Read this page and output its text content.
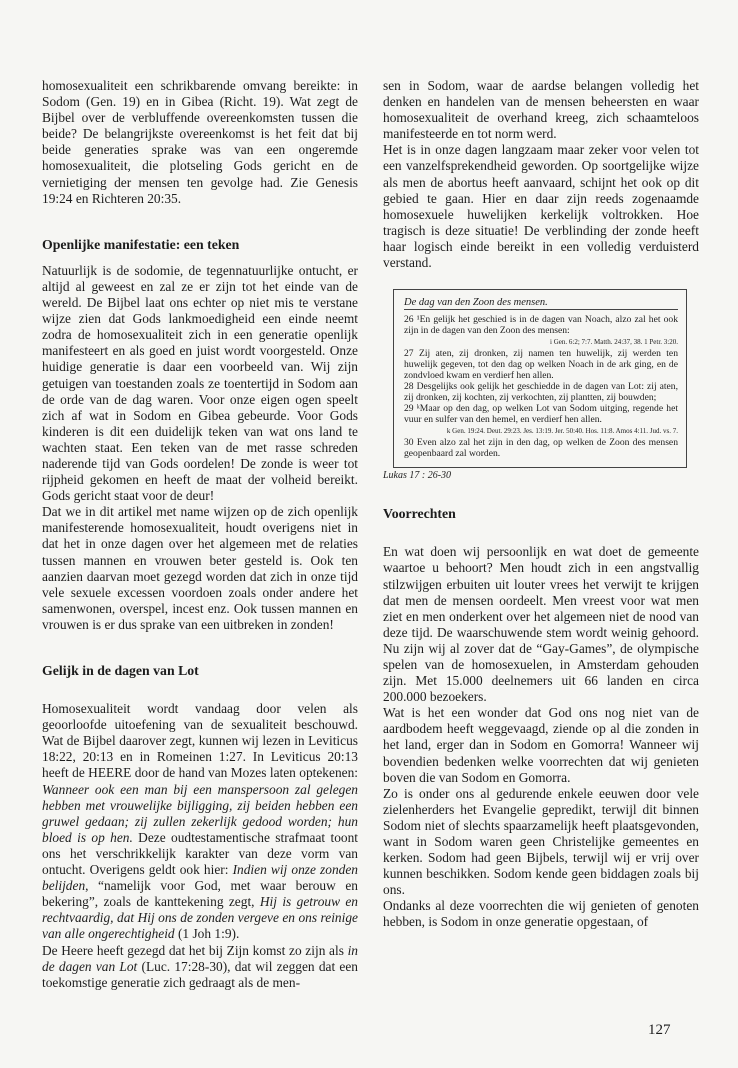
homosexualiteit een schrikbarende omvang bereikte: in Sodom (Gen. 19) en in Gibea (Richt. 19). Wat zegt de Bijbel over de verbluffende overeenkomsten tussen die beide? De belangrijkste overeenkomst is het feit dat bij beide generaties sprake was van een ongeremde homosexualiteit, die plotseling Gods gericht en de vernietiging der mensen ten gevolge had. Zie Genesis 19:24 en Richteren 20:35.

Openlijke manifestatie: een teken

Natuurlijk is de sodomie, de tegennatuurlijke ontucht, er altijd al geweest en zal ze er zijn tot het einde van de wereld. De Bijbel laat ons echter op niet mis te verstane wijze zien dat Gods lankmoedigheid een einde neemt zodra de homosexualiteit zich in een generatie openlijk manifesteert en als goed en juist wordt voorgesteld. Onze huidige generatie is daar een voorbeeld van. Wij zijn getuigen van toestanden zoals ze toentertijd in Sodom aan de orde van de dag waren. Voor onze eigen ogen speelt zich af wat in Sodom en Gibea gebeurde. Voor Gods kinderen is dit een duidelijk teken van wat ons land te wachten staat. Een teken van de met rasse schreden naderende tijd van Gods oordelen! De zonde is weer tot rijpheid gekomen en heeft de maat der volheid bereikt. Gods gericht staat voor de deur!

Dat we in dit artikel met name wijzen op de zich openlijk manifesterende homosexualiteit, houdt overigens niet in dat het in onze dagen over het algemeen met de relaties tussen mannen en vrouwen beter gesteld is. Ook ten aanzien daarvan moet gezegd worden dat zich in onze tijd vele sexuele excessen voordoen zoals onder andere het samenwonen, overspel, incest enz. Ook tussen mannen en vrouwen is er dus sprake van een uitbreken in zonden!

Gelijk in de dagen van Lot

Homosexualiteit wordt vandaag door velen als geoorloofde uitoefening van de sexualiteit beschouwd. Wat de Bijbel daarover zegt, kunnen wij lezen in Leviticus 18:22, 20:13 en in Romeinen 1:27. In Leviticus 20:13 heeft de HEERE door de hand van Mozes laten optekenen: Wanneer ook een man bij een manspersoon zal gelegen hebben met vrouwelijke bijligging, zij beiden hebben een gruwel gedaan; zij zullen zekerlijk gedood worden; hun bloed is op hen. Deze oudtestamentische strafmaat toont ons het verschrikkelijk karakter van deze vorm van ontucht. Overigens geldt ook hier: Indien wij onze zonden belijden, “namelijk voor God, met waar berouw en bekering”, zoals de kanttekening zegt, Hij is getrouw en rechtvaardig, dat Hij ons de zonden vergeve en ons reinige van alle ongerechtigheid (1 Joh 1:9).

De Heere heeft gezegd dat het bij Zijn komst zo zijn als in de dagen van Lot (Luc. 17:28-30), dat wil zeggen dat een toekomstige generatie zich gedraagt als de men-

sen in Sodom, waar de aardse belangen volledig het denken en handelen van de mensen beheersten en waar homosexualiteit de overhand kreeg, zich schaamteloos manifesteerde en tot norm werd.

Het is in onze dagen langzaam maar zeker voor velen tot een vanzelfsprekendheid geworden. Op soortgelijke wijze als men de abortus heeft aanvaard, schijnt het ook op dit gebied te gaan. Hier en daar zijn reeds zogenaamde homosexuele huwelijken kerkelijk voltrokken. Hoe tragisch is deze situatie! De verblinding der zonde heeft haar logisch einde bereikt in een volledig verduisterd verstand.

De dag van den Zoon des mensen.

26 ¹En gelijk het geschied is in de dagen van Noach, alzo zal het ook zijn in de dagen van den Zoon des mensen:

i Gen. 6:2; 7:7. Matth. 24:37, 38. 1 Petr. 3:20.

27 Zij aten, zij dronken, zij namen ten huwelijk, zij werden ten huwelijk gegeven, tot den dag op welken Noach in de ark ging, en de zondvloed kwam en verdierf hen allen.

28 Desgelijks ook gelijk het geschiedde in de dagen van Lot: zij aten, zij dronken, zij kochten, zij verkochten, zij plantten, zij bouwden;

29 ᵏMaar op den dag, op welken Lot van Sodom uitging, regende het vuur en sulfer van den hemel, en verdierf hen allen.

k Gen. 19:24. Deut. 29:23. Jes. 13:19. Jer. 50:40. Hos. 11:8. Amos 4:11. Jud. vs. 7.

30 Even alzo zal het zijn in den dag, op welken de Zoon des mensen geopenbaard zal worden.

Lukas 17 : 26-30

Voorrechten

En wat doen wij persoonlijk en wat doet de gemeente waartoe u behoort? Men houdt zich in een angstvallig stilzwijgen erbuiten uit louter vrees het verwijt te krijgen dat men de mensen oordeelt. Men vreest voor wat men ziet en men onderkent over het algemeen niet de nood van deze tijd. De waarschuwende stem wordt weinig gehoord. Nu zijn wij al zover dat de “Gay-Games”, de olympische spelen van de homosexuelen, in Amsterdam gehouden zijn. Met 15.000 deelnemers uit 66 landen en circa 200.000 bezoekers.

Wat is het een wonder dat God ons nog niet van de aardbodem heeft weggevaagd, ziende op al die zonden in het land, erger dan in Sodom en Gomorra! Wanneer wij bovendien bedenken welke voorrechten dat wij genieten boven die van Sodom en Gomorra.

Zo is onder ons al gedurende enkele eeuwen door vele zielenherders het Evangelie gepredikt, terwijl dit binnen Sodom niet of slechts spaarzamelijk heeft plaatsgevonden, want in Sodom waren geen Christelijke gemeentes en kerken. Sodom had geen Bijbels, terwijl wij er vrij over kunnen beschikken. Sodom kende geen biddagen zoals bij ons.

Ondanks al deze voorrechten die wij genieten of genoten hebben, is Sodom in onze generatie opgestaan, of

127
